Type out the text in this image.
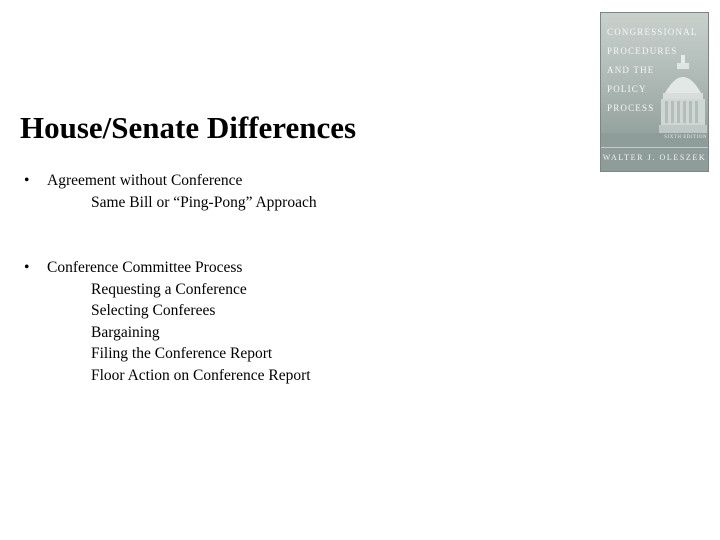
House/Senate Differences
• Agreement without Conference
Same Bill or “Ping-Pong” Approach
• Conference Committee Process
Requesting a Conference
Selecting Conferees
Bargaining
Filing the Conference Report
Floor Action on Conference Report
CONGRESSIONAL
PROCEDURES
AND THE
POLICY
PROCESS
SIXTH EDITION
WALTER J. OLESZEK
